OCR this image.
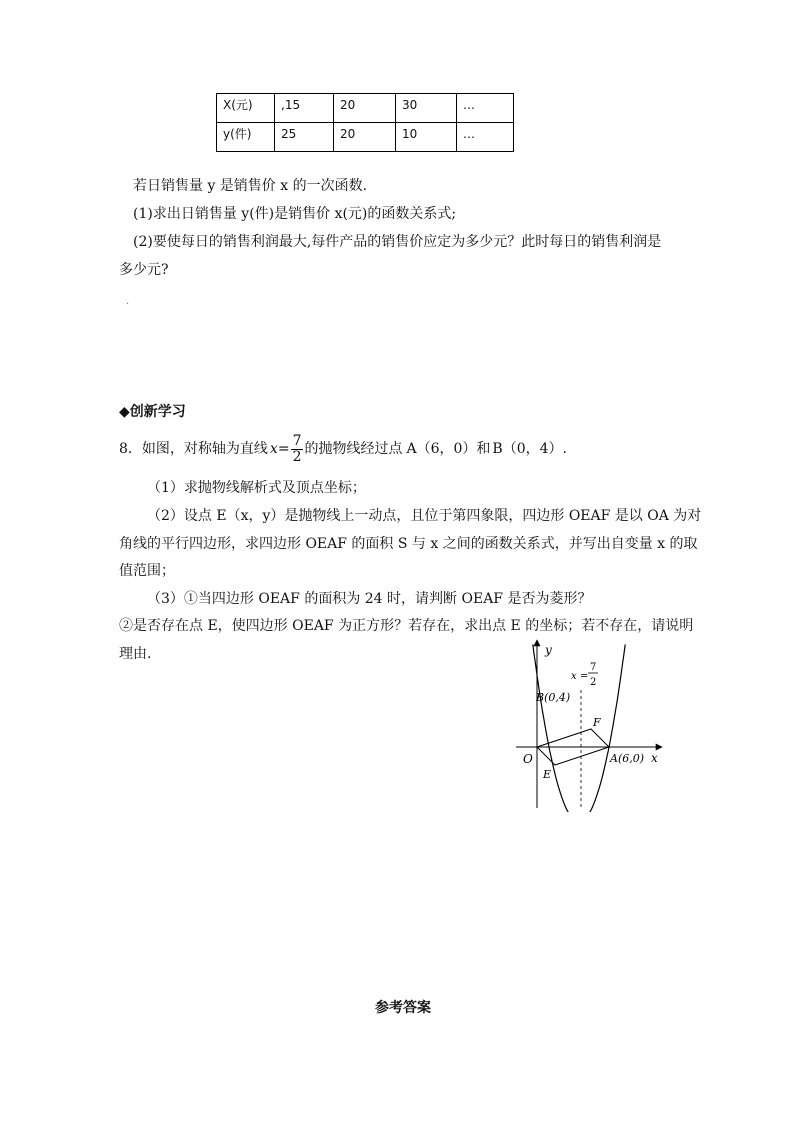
X(元)	,15	20	30	…
y(件)	25	20	10	…
若日销售量 y 是销售价 x 的一次函数.
(1)求出日销售量 y(件)是销售价 x(元)的函数关系式;
(2)要使每日的销售利润最大,每件产品的销售价应定为多少元？此时每日的销售利润是
多少元?
.
◆创新学习
8．如图，对称轴为直线 $x = \frac{7}{2}$ 的抛物线经过点 A（6，0）和 B（0，4）.
（1）求抛物线解析式及顶点坐标；
（2）设点 E（x，y）是抛物线上一动点，且位于第四象限，四边形 OEAF 是以 OA 为对
角线的平行四边形，求四边形 OEAF 的面积 S 与 x 之间的函数关系式，并写出自变量 x 的取
值范围；
（3）①当四边形 OEAF 的面积为 24 时，请判断 OEAF 是否为菱形？
②是否存在点 E，使四边形 OEAF 为正方形？若存在，求出点 E 的坐标；若不存在，请说明
理由.	y
x
O
B(0,4)
A(6,0)
E
F
x =
7
2
参考答案
